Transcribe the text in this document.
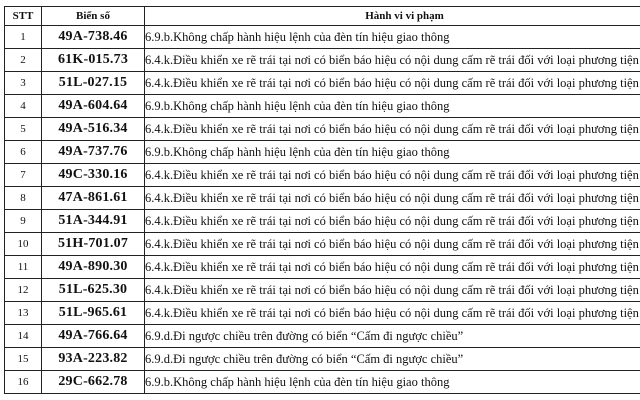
STT	Biển số	Hành vi vi phạm
1	49A-738.46	6.9.b.Không chấp hành hiệu lệnh của đèn tín hiệu giao thông
2	61K-015.73	6.4.k.Điều khiển xe rẽ trái tại nơi có biển báo hiệu có nội dung cấm rẽ trái đối với loại phương tiện
3	51L-027.15	6.4.k.Điều khiển xe rẽ trái tại nơi có biển báo hiệu có nội dung cấm rẽ trái đối với loại phương tiện
4	49A-604.64	6.9.b.Không chấp hành hiệu lệnh của đèn tín hiệu giao thông
5	49A-516.34	6.4.k.Điều khiển xe rẽ trái tại nơi có biển báo hiệu có nội dung cấm rẽ trái đối với loại phương tiện
6	49A-737.76	6.9.b.Không chấp hành hiệu lệnh của đèn tín hiệu giao thông
7	49C-330.16	6.4.k.Điều khiển xe rẽ trái tại nơi có biển báo hiệu có nội dung cấm rẽ trái đối với loại phương tiện
8	47A-861.61	6.4.k.Điều khiển xe rẽ trái tại nơi có biển báo hiệu có nội dung cấm rẽ trái đối với loại phương tiện
9	51A-344.91	6.4.k.Điều khiển xe rẽ trái tại nơi có biển báo hiệu có nội dung cấm rẽ trái đối với loại phương tiện
10	51H-701.07	6.4.k.Điều khiển xe rẽ trái tại nơi có biển báo hiệu có nội dung cấm rẽ trái đối với loại phương tiện
11	49A-890.30	6.4.k.Điều khiển xe rẽ trái tại nơi có biển báo hiệu có nội dung cấm rẽ trái đối với loại phương tiện
12	51L-625.30	6.4.k.Điều khiển xe rẽ trái tại nơi có biển báo hiệu có nội dung cấm rẽ trái đối với loại phương tiện
13	51L-965.61	6.4.k.Điều khiển xe rẽ trái tại nơi có biển báo hiệu có nội dung cấm rẽ trái đối với loại phương tiện
14	49A-766.64	6.9.d.Đi ngược chiều trên đường có biển “Cấm đi ngược chiều”
15	93A-223.82	6.9.d.Đi ngược chiều trên đường có biển “Cấm đi ngược chiều”
16	29C-662.78	6.9.b.Không chấp hành hiệu lệnh của đèn tín hiệu giao thông
